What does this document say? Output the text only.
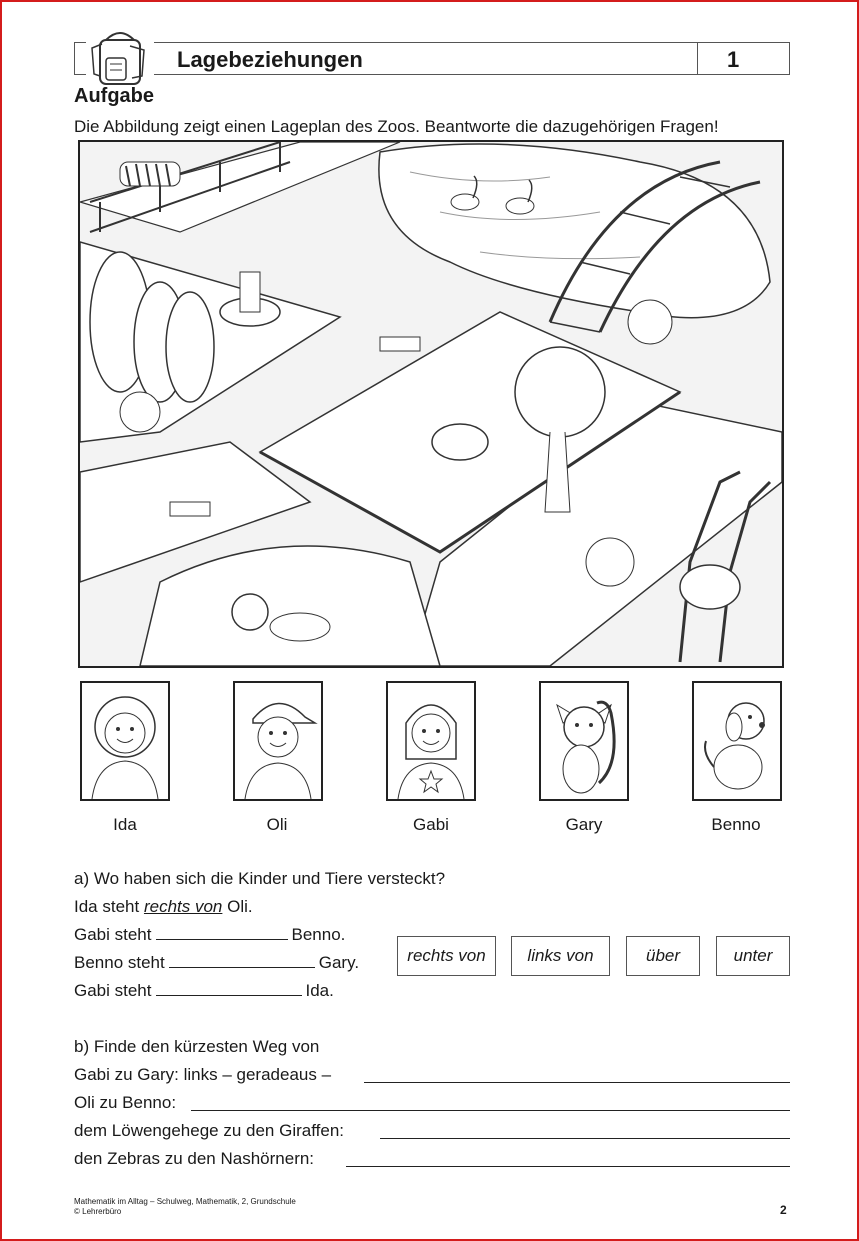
Lagebeziehungen	1
Aufgabe
Die Abbildung zeigt einen Lageplan des Zoos. Beantworte die dazugehörigen Fragen!
Ida	Oli	Gabi	Gary	Benno
a) Wo haben sich die Kinder und Tiere versteckt?
Ida steht rechts von Oli.
Gabi steht	Benno.
Benno steht	Gary.
Gabi steht	Ida.
rechts von	links von	über	unter
b) Finde den kürzesten Weg von
Gabi zu Gary: links – geradeaus –
Oli zu Benno:
dem Löwengehege zu den Giraffen:
den Zebras zu den Nashörnern:
Mathematik im Alltag – Schulweg, Mathematik, 2, Grundschule
© Lehrerbüro	2
